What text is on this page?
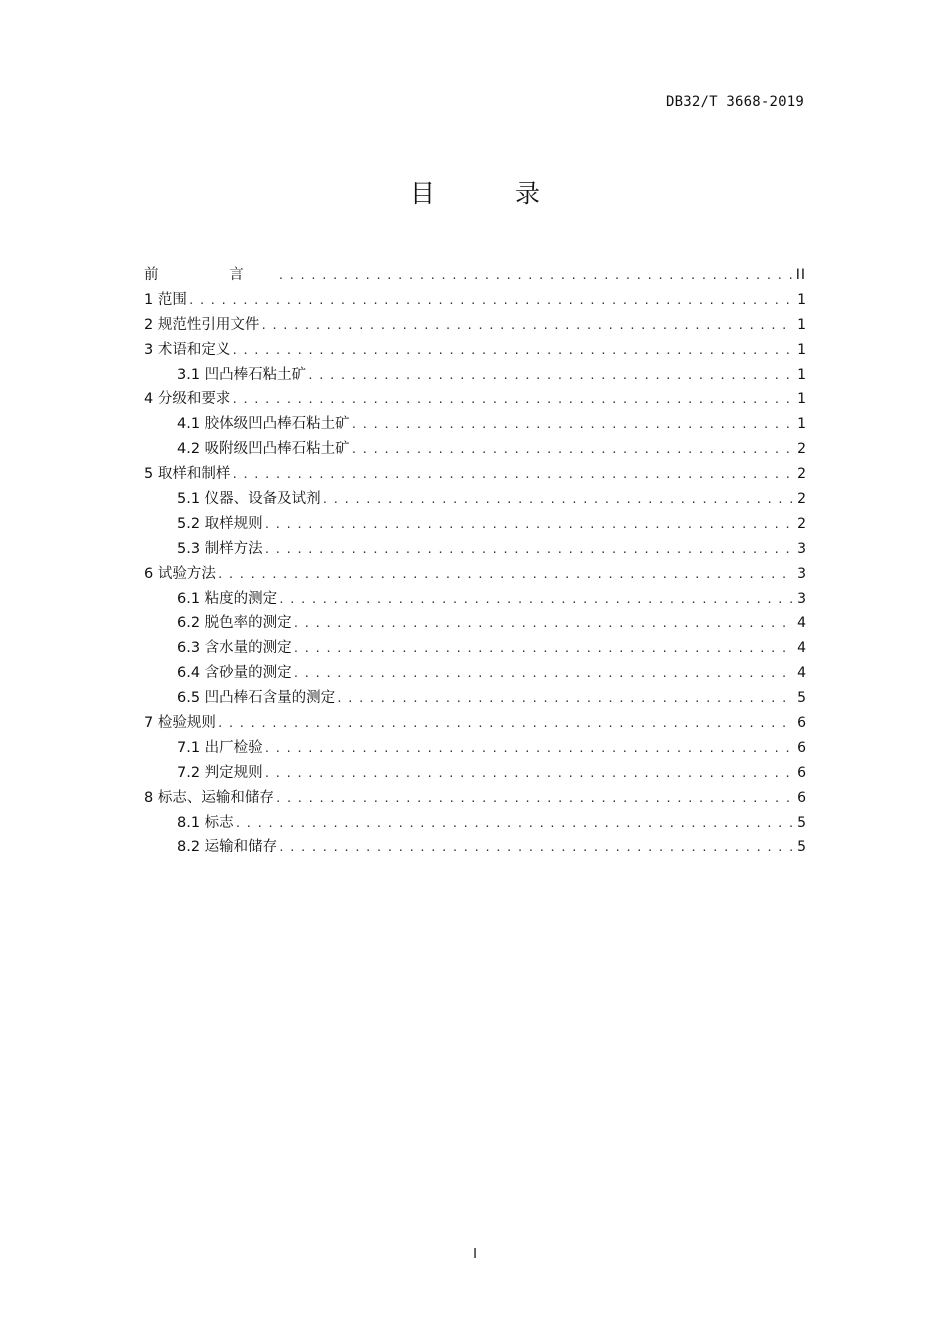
DB32/T 3668-2019
目 录
前 言 . . .	II
1 范围 . . .	1
2 规范性引用文件 . . .	1
3 术语和定义 . . .	1
3.1 凹凸棒石粘土矿 . . .	1
4 分级和要求 . . .	1
4.1 胶体级凹凸棒石粘土矿 . . .	1
4.2 吸附级凹凸棒石粘土矿 . . .	2
5 取样和制样 . . .	2
5.1 仪器、设备及试剂 . . .	2
5.2 取样规则 . . .	2
5.3 制样方法 . . .	3
6 试验方法 . . .	3
6.1 粘度的测定 . . .	3
6.2 脱色率的测定 . . .	4
6.3 含水量的测定 . . .	4
6.4 含砂量的测定 . . .	4
6.5 凹凸棒石含量的测定 . . .	5
7 检验规则 . . .	6
7.1 出厂检验 . . .	6
7.2 判定规则 . . .	6
8 标志、运输和储存 . . .	6
8.1 标志 . . .	5
8.2 运输和储存 . . .	5
I
